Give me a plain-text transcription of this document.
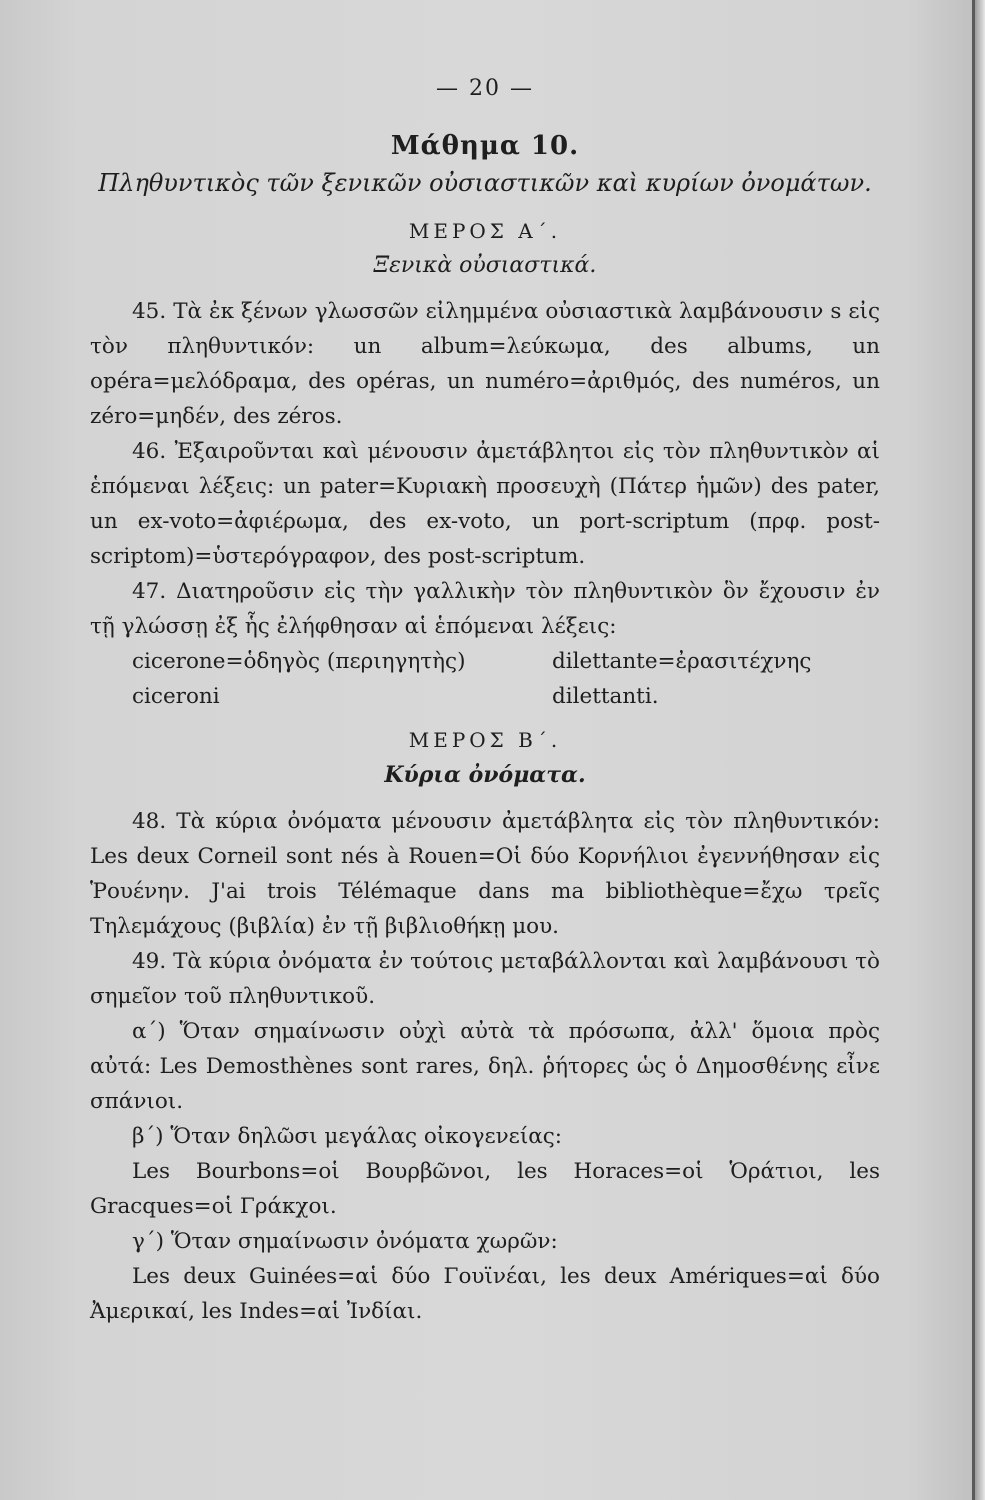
— 20 —
Μάθημα 10.
Πληθυντικὸς τῶν ξενικῶν οὐσιαστικῶν καὶ κυρίων ὀνομάτων.
ΜΕΡΟΣ Α΄.
Ξενικὰ οὐσιαστικά.

45. Τὰ ἐκ ξένων γλωσσῶν εἰλημμένα οὐσιαστικὰ λαμβάνουσιν s εἰς τὸν πληθυντικόν: un album=λεύκωμα, des albums, un opéra=μελόδραμα, des opéras, un numéro=ἀριθμός, des numéros, un zéro=μηδέν, des zéros.

46. Ἐξαιροῦνται καὶ μένουσιν ἀμετάβλητοι εἰς τὸν πληθυντικὸν αἱ ἑπόμεναι λέξεις: un pater=Κυριακὴ προσευχὴ (Πάτερ ἡμῶν) des pater, un ex-voto=ἀφιέρωμα, des ex-voto, un port-scriptum (πρφ. post-scriptom)=ὑστερόγραφον, des post-scriptum.

47. Διατηροῦσιν εἰς τὴν γαλλικὴν τὸν πληθυντικὸν ὃν ἔχουσιν ἐν τῇ γλώσσῃ ἐξ ἧς ἐλήφθησαν αἱ ἑπόμεναι λέξεις:

cicerone=ὁδηγὸς (περιηγητὴς)	dilettante=ἐρασιτέχνης
ciceroni	dilettanti.
ΜΕΡΟΣ Β΄.
Κύρια ὀνόματα.

48. Τὰ κύρια ὀνόματα μένουσιν ἀμετάβλητα εἰς τὸν πληθυντικόν: Les deux Corneil sont nés à Rouen=Οἱ δύο Κορνήλιοι ἐγεννήθησαν εἰς Ῥουένην. J'ai trois Télémaque dans ma bibliothèque=ἔχω τρεῖς Τηλεμάχους (βιβλία) ἐν τῇ βιβλιοθήκῃ μου.

49. Τὰ κύρια ὀνόματα ἐν τούτοις μεταβάλλονται καὶ λαμβάνουσι τὸ σημεῖον τοῦ πληθυντικοῦ.

α΄) Ὅταν σημαίνωσιν οὐχὶ αὐτὰ τὰ πρόσωπα, ἀλλ' ὅμοια πρὸς αὐτά: Les Demosthènes sont rares, δηλ. ῥήτορες ὡς ὁ Δημοσθένης εἶνε σπάνιοι.

β΄) Ὅταν δηλῶσι μεγάλας οἰκογενείας:

Les Bourbons=οἱ Βουρβῶνοι, les Horaces=οἱ Ὁράτιοι, les Gracques=οἱ Γράκχοι.

γ΄) Ὅταν σημαίνωσιν ὀνόματα χωρῶν:

Les deux Guinées=αἱ δύο Γουϊνέαι, les deux Amériques=αἱ δύο Ἀμερικαί, les Indes=αἱ Ἰνδίαι.
